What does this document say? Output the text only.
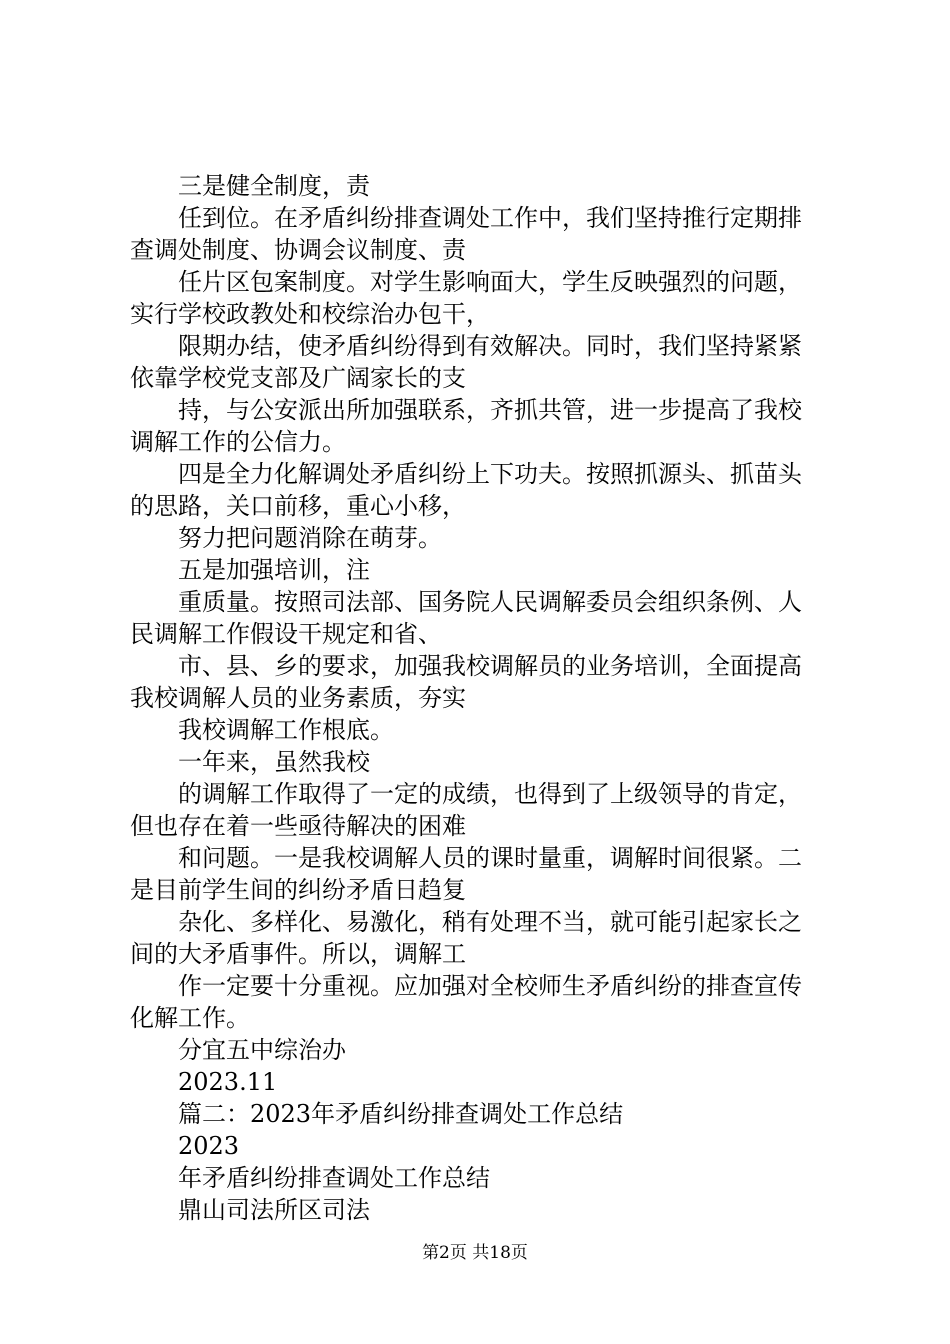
三是健全制度，责

任到位。在矛盾纠纷排查调处工作中，我们坚持推行定期排
查调处制度、协调会议制度、责

任片区包案制度。对学生影响面大，学生反映强烈的问题，
实行学校政教处和校综治办包干，

限期办结，使矛盾纠纷得到有效解决。同时，我们坚持紧紧
依靠学校党支部及广阔家长的支

持，与公安派出所加强联系，齐抓共管，进一步提高了我校
调解工作的公信力。

四是全力化解调处矛盾纠纷上下功夫。按照抓源头、抓苗头
的思路，关口前移，重心小移，

努力把问题消除在萌芽。

五是加强培训，注

重质量。按照司法部、国务院人民调解委员会组织条例、人
民调解工作假设干规定和省、

市、县、乡的要求，加强我校调解员的业务培训，全面提高
我校调解人员的业务素质，夯实

我校调解工作根底。

一年来，虽然我校

的调解工作取得了一定的成绩，也得到了上级领导的肯定，
但也存在着一些亟待解决的困难

和问题。一是我校调解人员的课时量重，调解时间很紧。二
是目前学生间的纠纷矛盾日趋复

杂化、多样化、易激化，稍有处理不当，就可能引起家长之
间的大矛盾事件。所以，调解工

作一定要十分重视。应加强对全校师生矛盾纠纷的排查宣传
化解工作。

分宜五中综治办

2023.11

篇二：2023年矛盾纠纷排查调处工作总结

2023

年矛盾纠纷排查调处工作总结

鼎山司法所区司法

第2页 共18页
